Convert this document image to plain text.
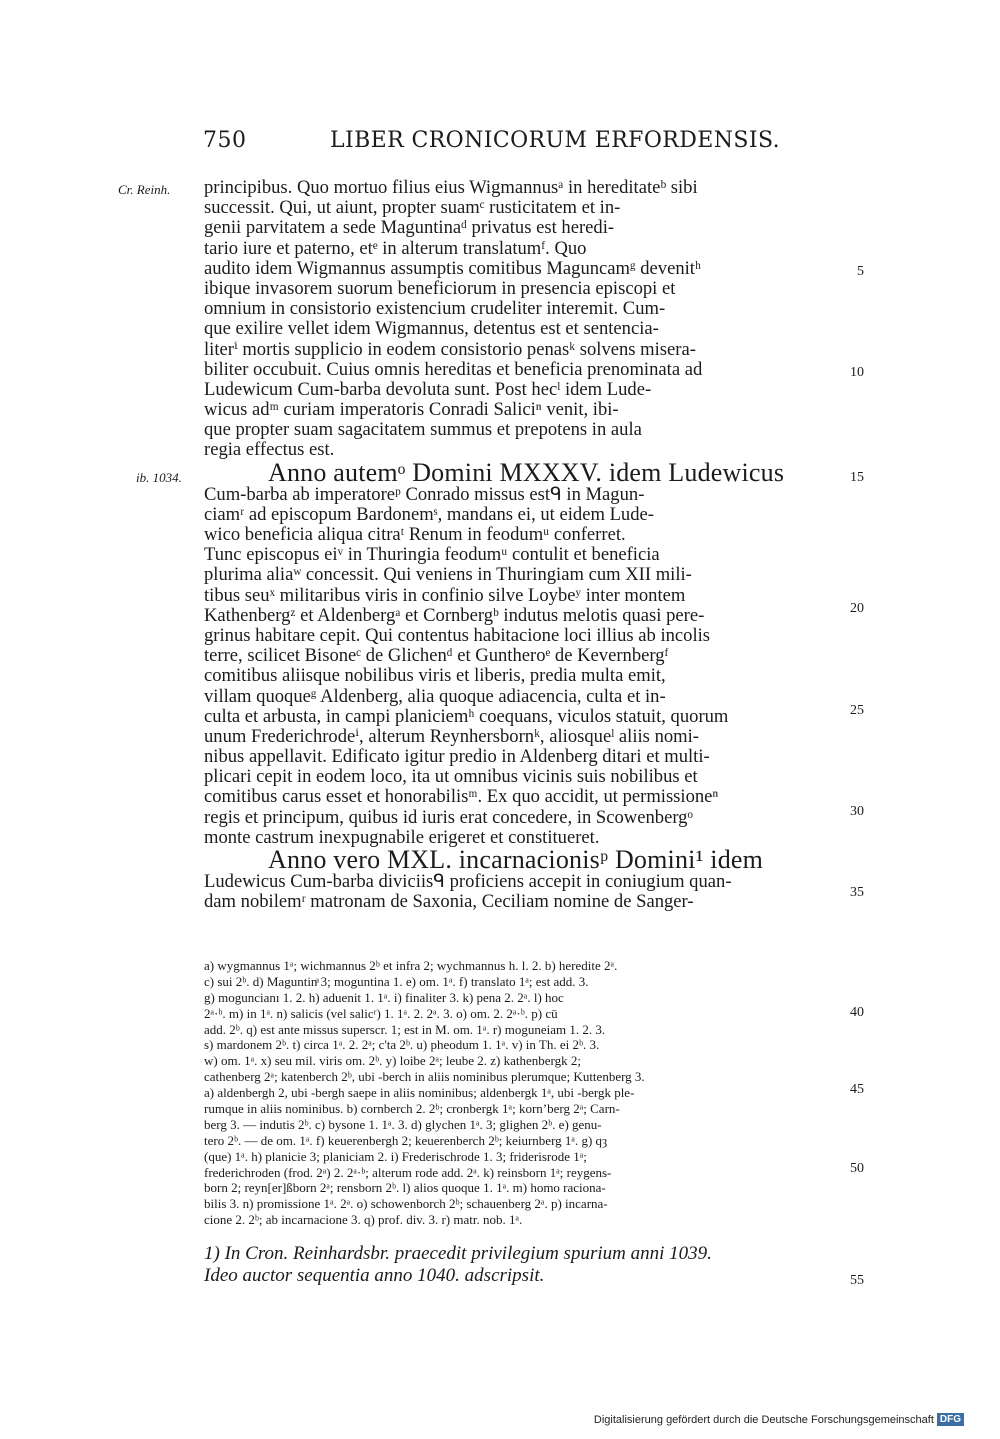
750	LIBER CRONICORUM ERFORDENSIS.
Cr. Reinh.
ib. 1034.
5
10
15
20
25
30
35
40
45
50
55
principibus. Quo mortuo filius eius Wigmannusᵃ in hereditateᵇ sibi
successit. Qui, ut aiunt, propter suamᶜ rusticitatem et in-
genii parvitatem a sede Maguntinaᵈ privatus est heredi-
tario iure et paterno, etᵉ in alterum translatumᶠ. Quo
audito idem Wigmannus assumptis comitibus Maguncamᵍ devenitʰ
ibique invasorem suorum beneficiorum in presencia episcopi et
omnium in consistorio existencium crudeliter interemit. Cum-
que exilire vellet idem Wigmannus, detentus est et sentencia-
literⁱ mortis supplicio in eodem consistorio penasᵏ solvens misera-
biliter occubuit. Cuius omnis hereditas et beneficia prenominata ad
Ludewicum Cum-barba devoluta sunt. Post hecˡ idem Lude-
wicus adᵐ curiam imperatoris Conradi Saliciⁿ venit, ibi-
que propter suam sagacitatem summus et prepotens in aula
regia effectus est.
Anno autemᵒ Domini MXXXV. idem Ludewicus
Cum-barba ab imperatoreᵖ Conrado missus estᑫ in Magun-
ciamʳ ad episcopum Bardonemˢ, mandans ei, ut eidem Lude-
wico beneficia aliqua citraᵗ Renum in feodumᵘ conferret.
Tunc episcopus eiᵛ in Thuringia feodumᵘ contulit et beneficia
plurima aliaʷ concessit. Qui veniens in Thuringiam cum XII mili-
tibus seuˣ militaribus viris in confinio silve Loybeʸ inter montem
Kathenbergᶻ et Aldenbergᵃ et Cornbergᵇ indutus melotis quasi pere-
grinus habitare cepit. Qui contentus habitacione loci illius ab incolis
terre, scilicet Bisoneᶜ de Glichenᵈ et Guntheroᵉ de Kevernbergᶠ
comitibus aliisque nobilibus viris et liberis, predia multa emit,
villam quoqueᵍ Aldenberg, alia quoque adiacencia, culta et in-
culta et arbusta, in campi planiciemʰ coequans, viculos statuit, quorum
unum Frederichrodeⁱ, alterum Reynhersbornᵏ, aliosqueˡ aliis nomi-
nibus appellavit. Edificato igitur predio in Aldenberg ditari et multi-
plicari cepit in eodem loco, ita ut omnibus vicinis suis nobilibus et
comitibus carus esset et honorabilisᵐ. Ex quo accidit, ut permissioneⁿ
regis et principum, quibus id iuris erat concedere, in Scowenbergᵒ
monte castrum inexpugnabile erigeret et constitueret.
Anno vero MXL. incarnacionisᵖ Domini¹ idem
Ludewicus Cum-barba diviciisᑫ proficiens accepit in coniugium quan-
dam nobilemʳ matronam de Saxonia, Ceciliam nomine de Sanger-
a) wygmannus 1ᵃ; wichmannus 2ᵇ et infra 2; wychmannus h. l. 2. b) heredite 2ᵃ.
c) sui 2ᵇ. d) Maguntinͣ 3; moguntina 1. e) om. 1ᵃ. f) translato 1ᵃ; est add. 3.
g) moguncianı 1. 2. h) aduenit 1. 1ᵃ. i) finaliter 3. k) pena 2. 2ᵃ. l) hoc
2ᵃ·ᵇ. m) in 1ᵃ. n) salicis (vel salicʳ) 1. 1ᵃ. 2. 2ᵃ. 3. o) om. 2. 2ᵃ·ᵇ. p) cū
add. 2ᵇ. q) est ante missus superscr. 1; est in M. om. 1ᵃ. r) moguneiam 1. 2. 3.
s) mardonem 2ᵇ. t) circa 1ᵃ. 2. 2ᵃ; c'ta 2ᵇ. u) pheodum 1. 1ᵃ. v) in Th. ei 2ᵇ. 3.
w) om. 1ᵃ. x) seu mil. viris om. 2ᵇ. y) loibe 2ᵃ; leube 2. z) kathenbergk 2;
cathenberg 2ᵃ; katenberch 2ᵇ, ubi -berch in aliis nominibus plerumque; Kuttenberg 3.
a) aldenbergh 2, ubi -bergh saepe in aliis nominibus; aldenbergk 1ᵃ, ubi -bergk ple-
rumque in aliis nominibus. b) cornberch 2. 2ᵇ; cronbergk 1ᵃ; kornʼberg 2ᵃ; Carn-
berg 3. — indutis 2ᵇ. c) bysone 1. 1ᵃ. 3. d) glychen 1ᵃ. 3; glighen 2ᵇ. e) genu-
tero 2ᵇ. — de om. 1ᵃ. f) keuerenbergh 2; keuerenberch 2ᵇ; keiurnberg 1ᵃ. g) qȝ
(que) 1ᵃ. h) planicie 3; planiciam 2. i) Frederischrode 1. 3; friderisrode 1ᵃ;
frederichroden (frod. 2ᵃ) 2. 2ᵃ·ᵇ; alterum rode add. 2ᵃ. k) reinsborn 1ᵃ; reygens-
born 2; reyn[er]ßborn 2ᵃ; rensborn 2ᵇ. l) alios quoque 1. 1ᵃ. m) homo raciona-
bilis 3. n) promissione 1ᵃ. 2ᵃ. o) schowenborch 2ᵇ; schauenberg 2ᵃ. p) incarna-
cione 2. 2ᵇ; ab incarnacione 3. q) prof. div. 3. r) matr. nob. 1ᵃ.
1) In Cron. Reinhardsbr. praecedit privilegium spurium anni 1039.
Ideo auctor sequentia anno 1040. adscripsit.
Digitalisierung gefördert durch die Deutsche Forschungsgemeinschaft DFG
